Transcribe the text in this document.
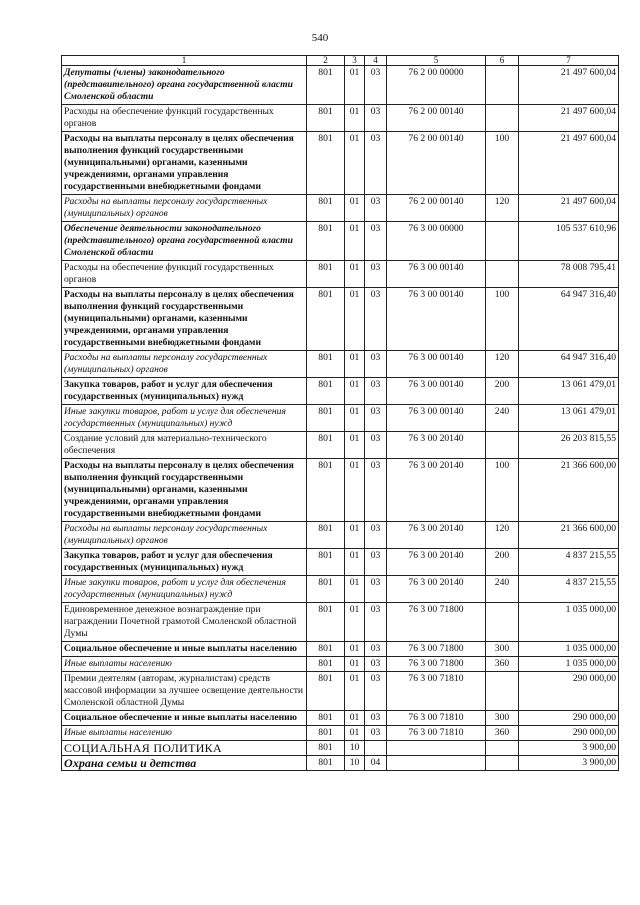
540
1	2	3	4	5	6	7
Депутаты (члены) законодательного (представительного) органа государственной власти Смоленской области	801	01	03	76 2 00 00000		21 497 600,04
Расходы на обеспечение функций государственных органов	801	01	03	76 2 00 00140		21 497 600,04
Расходы на выплаты персоналу в целях обеспечения выполнения функций государственными (муниципальными) органами, казенными учреждениями, органами управления государственными внебюджетными фондами	801	01	03	76 2 00 00140	100	21 497 600,04
Расходы на выплаты персоналу государственных (муниципальных) органов	801	01	03	76 2 00 00140	120	21 497 600,04
Обеспечение деятельности законодательного (представительного) органа государственной власти Смоленской области	801	01	03	76 3 00 00000		105 537 610,96
Расходы на обеспечение функций государственных органов	801	01	03	76 3 00 00140		78 008 795,41
Расходы на выплаты персоналу в целях обеспечения выполнения функций государственными (муниципальными) органами, казенными учреждениями, органами управления государственными внебюджетными фондами	801	01	03	76 3 00 00140	100	64 947 316,40
Расходы на выплаты персоналу государственных (муниципальных) органов	801	01	03	76 3 00 00140	120	64 947 316,40
Закупка товаров, работ и услуг для обеспечения государственных (муниципальных) нужд	801	01	03	76 3 00 00140	200	13 061 479,01
Иные закупки товаров, работ и услуг для обеспечения государственных (муниципальных) нужд	801	01	03	76 3 00 00140	240	13 061 479,01
Создание условий для материально-технического обеспечения	801	01	03	76 3 00 20140		26 203 815,55
Расходы на выплаты персоналу в целях обеспечения выполнения функций государственными (муниципальными) органами, казенными учреждениями, органами управления государственными внебюджетными фондами	801	01	03	76 3 00 20140	100	21 366 600,00
Расходы на выплаты персоналу государственных (муниципальных) органов	801	01	03	76 3 00 20140	120	21 366 600,00
Закупка товаров, работ и услуг для обеспечения государственных (муниципальных) нужд	801	01	03	76 3 00 20140	200	4 837 215,55
Иные закупки товаров, работ и услуг для обеспечения государственных (муниципальных) нужд	801	01	03	76 3 00 20140	240	4 837 215,55
Единовременное денежное вознаграждение при награждении Почетной грамотой Смоленской областной Думы	801	01	03	76 3 00 71800		1 035 000,00
Социальное обеспечение и иные выплаты населению	801	01	03	76 3 00 71800	300	1 035 000,00
Иные выплаты населению	801	01	03	76 3 00 71800	360	1 035 000,00
Премии деятелям (авторам, журналистам) средств массовой информации за лучшее освещение деятельности Смоленской областной Думы	801	01	03	76 3 00 71810		290 000,00
Социальное обеспечение и иные выплаты населению	801	01	03	76 3 00 71810	300	290 000,00
Иные выплаты населению	801	01	03	76 3 00 71810	360	290 000,00
СОЦИАЛЬНАЯ ПОЛИТИКА	801	10				3 900,00
Охрана семьи и детства	801	10	04			3 900,00
